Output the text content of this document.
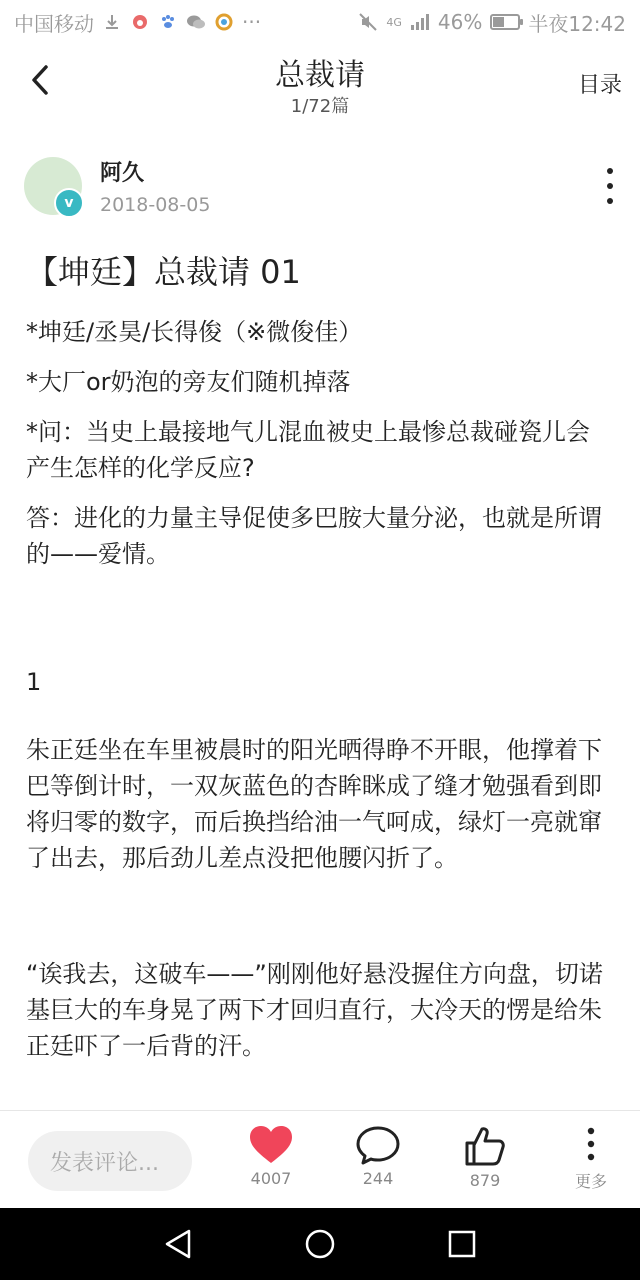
中国移动	···	4G 46% 半夜12:42
总裁请
1/72篇
目录
v
阿久
2018-08-05
【坤廷】总裁请 01

*坤廷/丞昊/长得俊（※微俊佳）

*大厂or奶泡的旁友们随机掉落

*问：当史上最接地气儿混血被史上最惨总裁碰瓷儿会产生怎样的化学反应?

答：进化的力量主导促使多巴胺大量分泌，也就是所谓的——爱情。

1

朱正廷坐在车里被晨时的阳光晒得睁不开眼，他撑着下巴等倒计时，一双灰蓝色的杏眸眯成了缝才勉强看到即将归零的数字，而后换挡给油一气呵成，绿灯一亮就窜了出去，那后劲儿差点没把他腰闪折了。

“诶我去，这破车——”刚刚他好悬没握住方向盘，切诺基巨大的车身晃了两下才回归直行，大冷天的愣是给朱正廷吓了一后背的汗。

发表评论...
4007	244	879	更多
